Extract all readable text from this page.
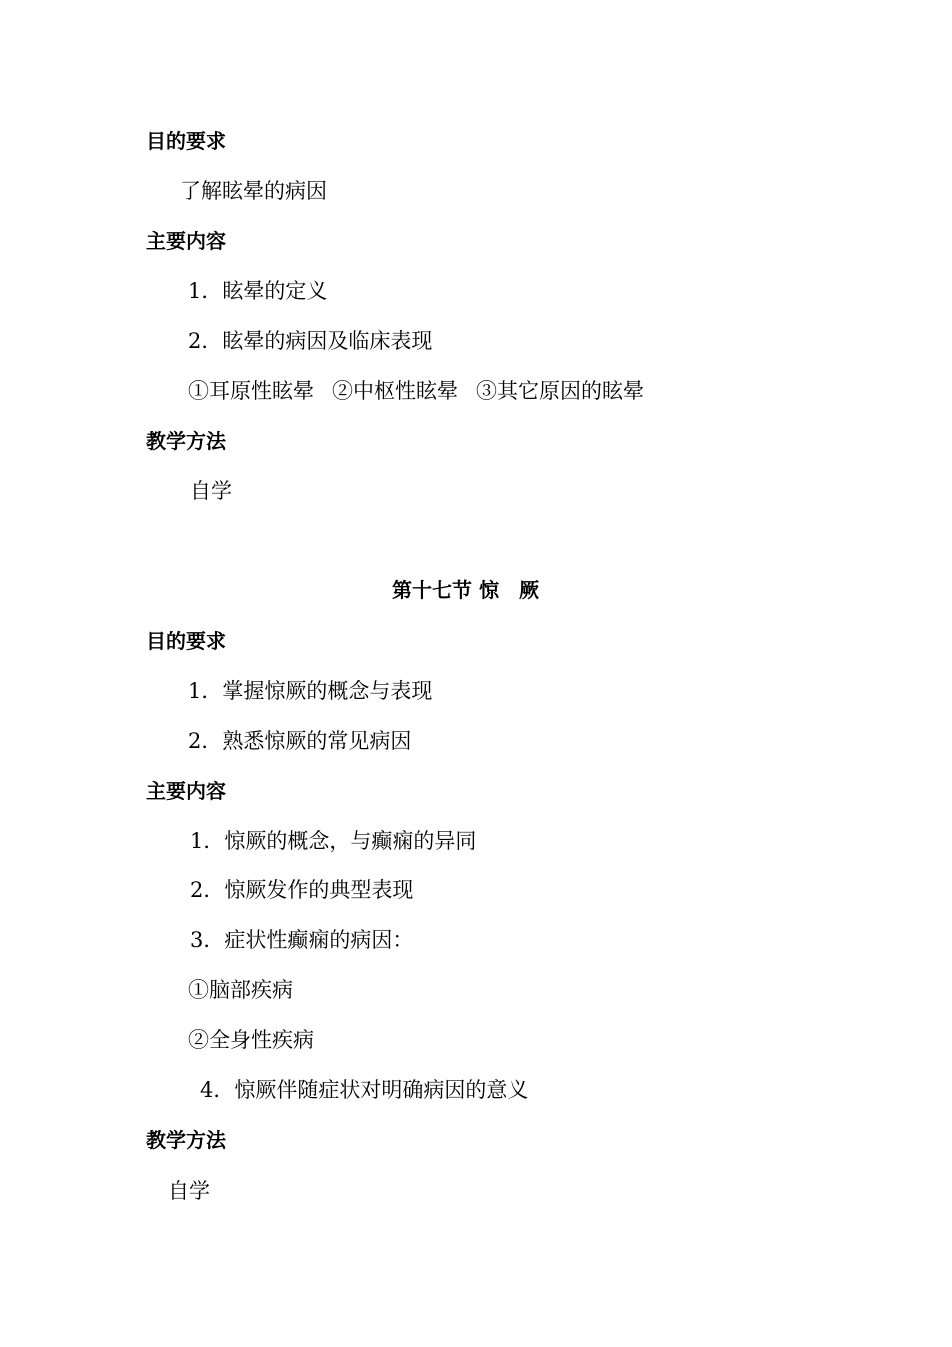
目的要求
了解眩晕的病因
主要内容
1．眩晕的定义
2．眩晕的病因及临床表现
①耳原性眩晕 ②中枢性眩晕 ③其它原因的眩晕
教学方法
自学
第十七节 惊　厥
目的要求
1．掌握惊厥的概念与表现
2．熟悉惊厥的常见病因
主要内容
1．惊厥的概念，与癫痫的异同
2．惊厥发作的典型表现
3．症状性癫痫的病因：
①脑部疾病
②全身性疾病
4．惊厥伴随症状对明确病因的意义
教学方法
自学
